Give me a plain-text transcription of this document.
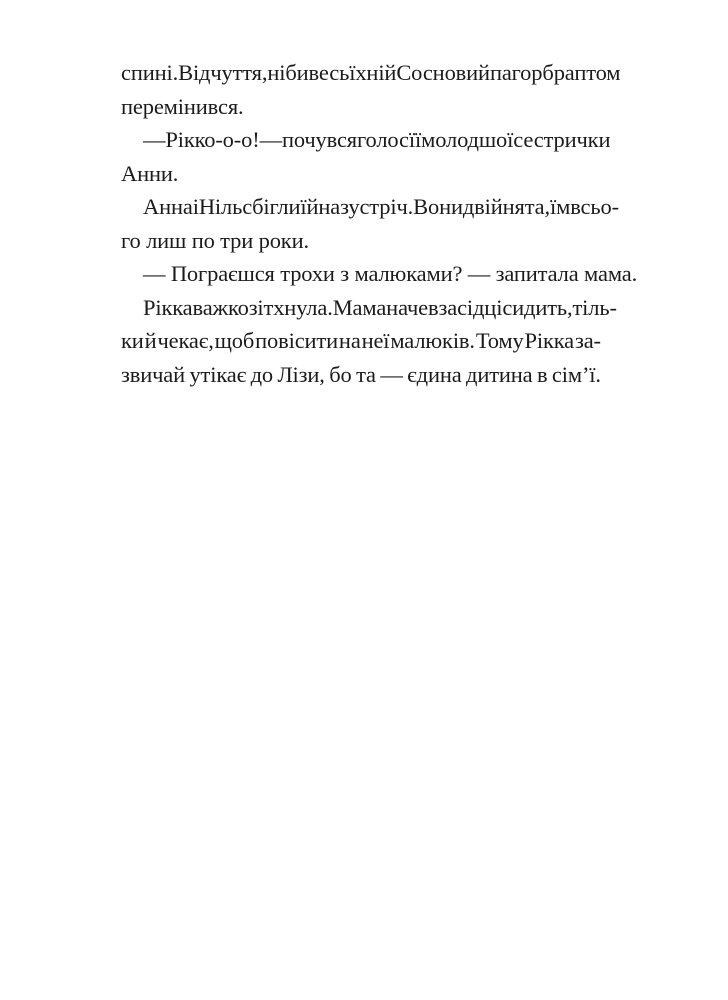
спині. Відчуття, ніби весь їхній Сосновий пагорб раптом
перемінився.
— Рікко-о-о! — почувся голос її молодшої сестрички
Анни.
Анна і Нільс бігли їй назустріч. Вони двійнята, їм всьо-
го лиш по три роки.
— Пограєшся трохи з малюками? — запитала мама.
Рікка важко зітхнула. Мама наче в засідці сидить, тіль-
ки й чекає, щоб повісити на неї малюків. Тому Рікка за-
звичай утікає до Лізи, бо та — єдина дитина в сім’ї.
